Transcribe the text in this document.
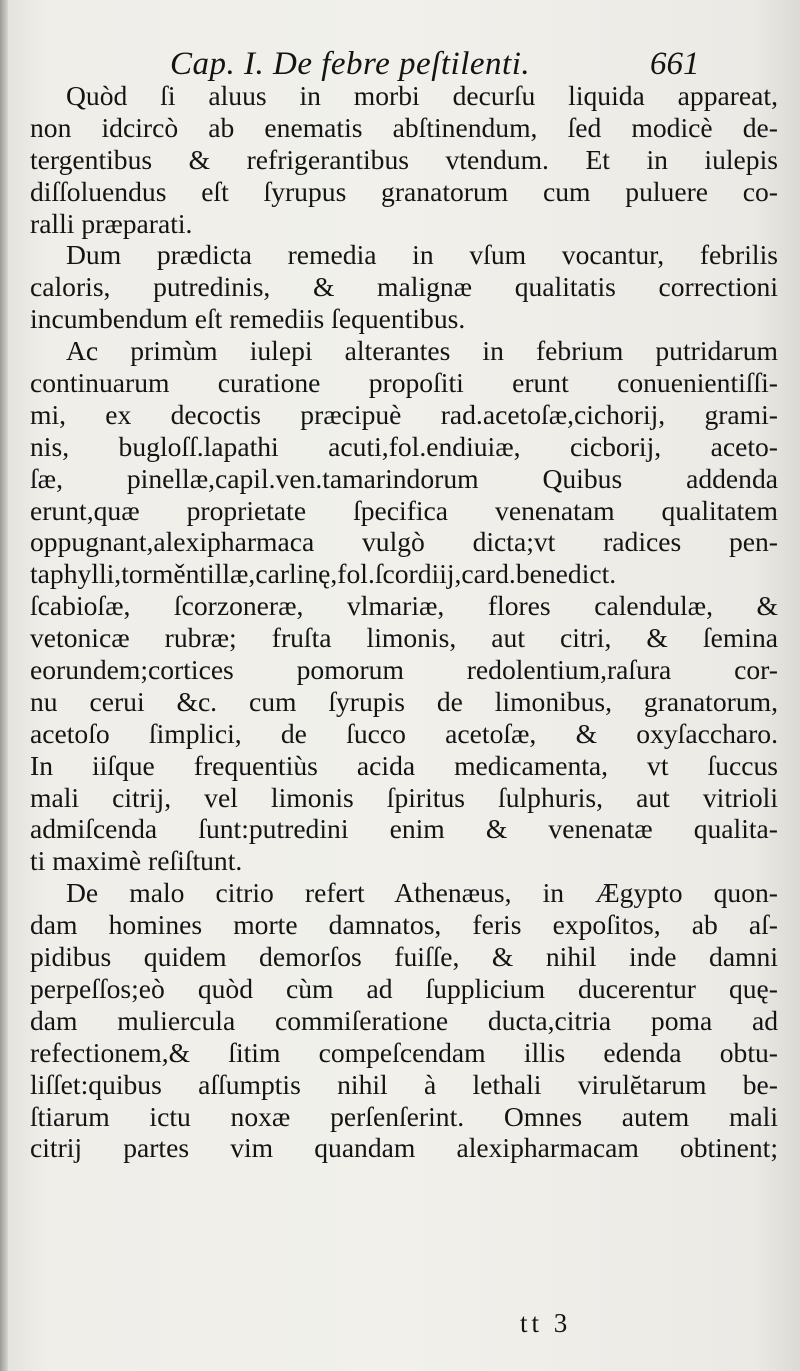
Cap. I. De febre peſtilenti.	661
Quòd ſi aluus in morbi decurſu liquida appareat,
non idcircò ab enematis abſtinendum, ſed modicè de-
tergentibus & refrigerantibus vtendum. Et in iulepis
diſſoluendus eſt ſyrupus granatorum cum puluere co-
ralli præparati.
Dum prædicta remedia in vſum vocantur, febrilis
caloris, putredinis, & malignæ qualitatis correctioni
incumbendum eſt remediis ſequentibus.
Ac primùm iulepi alterantes in febrium putridarum
continuarum curatione propoſiti erunt conuenientiſſi-
mi, ex decoctis præcipuè rad.acetoſæ,cichorij, grami-
nis, bugloſſ.lapathi acuti,fol.endiuiæ, cicborij, aceto-
ſæ, pinellæ,capil.ven.tamarindorum Quibus addenda
erunt,quæ proprietate ſpecifica venenatam qualitatem
oppugnant,alexipharmaca vulgò dicta;vt radices pen-
taphylli,torměntillæ,carlinę,fol.ſcordiij,card.benedict.
ſcabioſæ, ſcorzoneræ, vlmariæ, flores calendulæ, &
vetonicæ rubræ; fruſta limonis, aut citri, & ſemina
eorundem;cortices pomorum redolentium,raſura cor-
nu cerui &c. cum ſyrupis de limonibus, granatorum,
acetoſo ſimplici, de ſucco acetoſæ, & oxyſaccharo.
In iiſque frequentiùs acida medicamenta, vt ſuccus
mali citrij, vel limonis ſpiritus ſulphuris, aut vitrioli
admiſcenda ſunt:putredini enim & venenatæ qualita-
ti maximè reſiſtunt.
De malo citrio refert Athenæus, in Ægypto quon-
dam homines morte damnatos, feris expoſitos, ab aſ-
pidibus quidem demorſos fuiſſe, & nihil inde damni
perpeſſos;eò quòd cùm ad ſupplicium ducerentur quę-
dam muliercula commiſeratione ducta,citria poma ad
refectionem,& ſitim compeſcendam illis edenda obtu-
liſſet:quibus aſſumptis nihil à lethali virulĕtarum be-
ſtiarum ictu noxæ perſenſerint. Omnes autem mali
citrij partes vim quandam alexipharmacam obtinent;
tt 3
